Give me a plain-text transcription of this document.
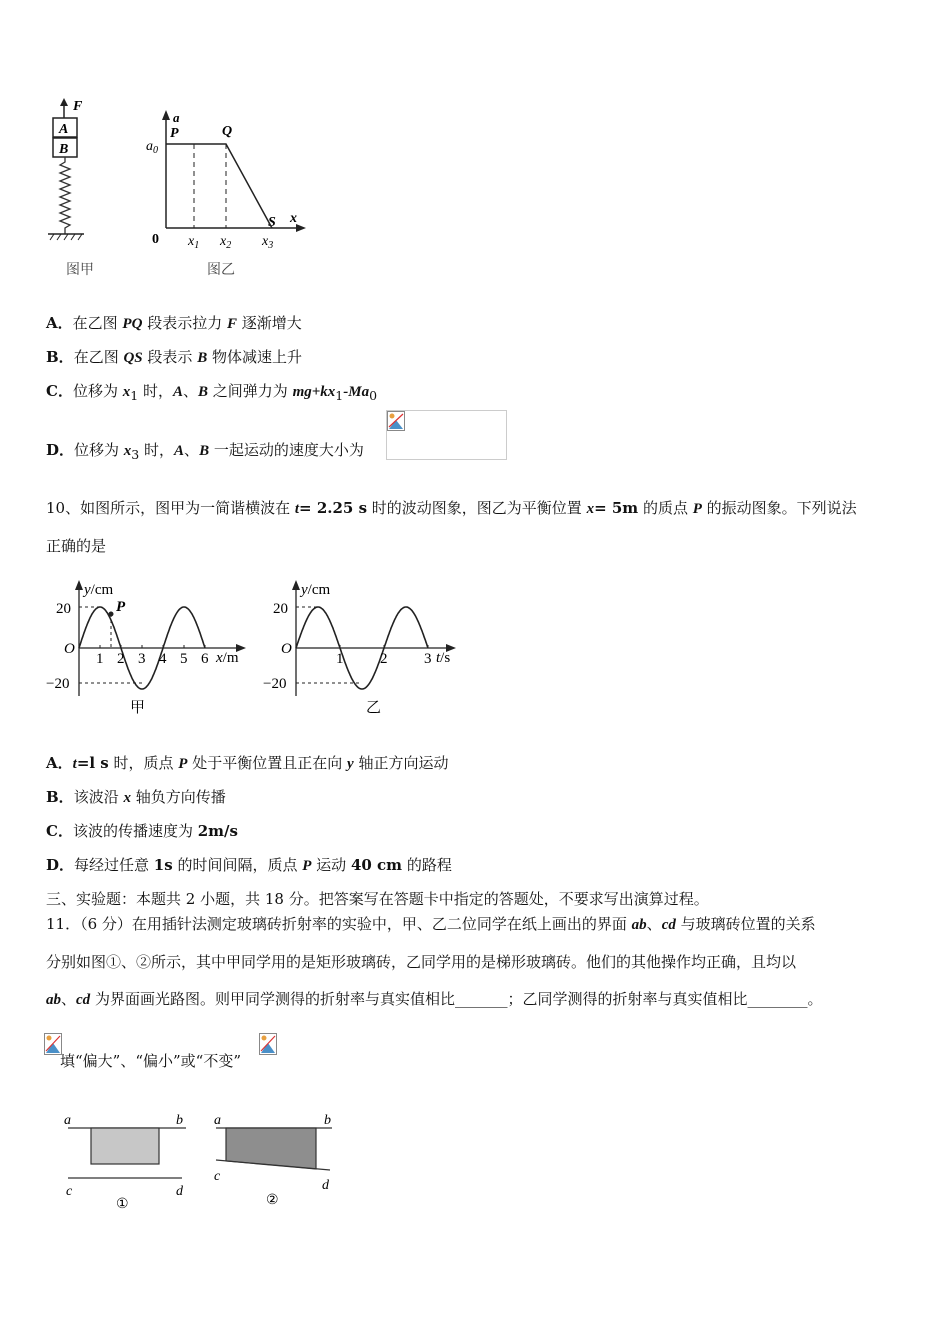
F
A
B
图甲
a
x
0
$a_0$
P	Q
S
$x_1$ $x_2$ $x_3$
图乙
A．在乙图 PQ 段表示拉力 F 逐渐增大
B．在乙图 QS 段表示 B 物体减速上升
C．位移为 $x_1$ 时，A、B 之间弹力为 $mg+kx_1-Ma_0$
D．位移为 $x_3$ 时，A、B 一起运动的速度大小为
10、如图所示，图甲为一简谐横波在 t= 2.25 s 时的波动图象，图乙为平衡位置 x= 5m 的质点 P 的振动图象。下列说法
正确的是
y/cm
x/m
O
20
−20
P
1 2 3 4 5 6
甲
y/cm
t/s
O
20
−20
1 2 3
乙
A．t=l s 时，质点 P 处于平衡位置且正在向 y 轴正方向运动
B．该波沿 x 轴负方向传播
C．该波的传播速度为 2m/s
D．每经过任意 1s 的时间间隔，质点 P 运动 40 cm 的路程
三、实验题：本题共 2 小题，共 18 分。把答案写在答题卡中指定的答题处，不要求写出演算过程。
11．（6 分）在用插针法测定玻璃砖折射率的实验中，甲、乙二位同学在纸上画出的界面 ab、cd 与玻璃砖位置的关系
分别如图①、②所示，其中甲同学用的是矩形玻璃砖，乙同学用的是梯形玻璃砖。他们的其他操作均正确，且均以
ab、cd 为界面画光路图。则甲同学测得的折射率与真实值相比_______；乙同学测得的折射率与真实值相比________。
填“偏大”、“偏小”或“不变”
a	b
c	d
①
a	b
c
d
②
